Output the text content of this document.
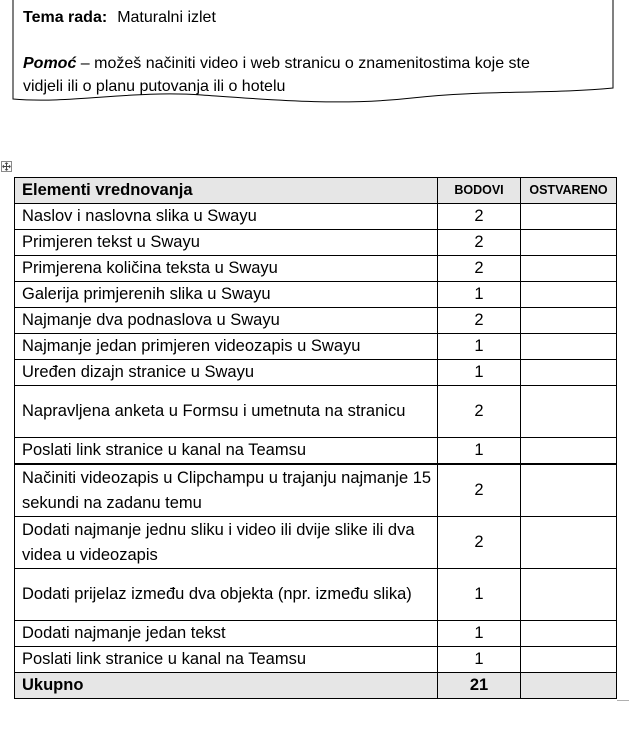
Tema rada: Maturalni izlet
Pomoć – možeš načiniti video i web stranicu o znamenitostima koje ste
vidjeli ili o planu putovanja ili o hotelu
Elementi vrednovanja	BODOVI	OSTVARENO
Naslov i naslovna slika u Swayu	2	
Primjeren tekst u Swayu	2	
Primjerena količina teksta u Swayu	2	
Galerija primjerenih slika u Swayu	1	
Najmanje dva podnaslova u Swayu	2	
Najmanje jedan primjeren videozapis u Swayu	1	
Uređen dizajn stranice u Swayu	1	
Napravljena anketa u Formsu i umetnuta na stranicu	2	
Poslati link stranice u kanal na Teamsu	1	
Načiniti videozapis u Clipchampu u trajanju najmanje 15 sekundi na zadanu temu	2	
Dodati najmanje jednu sliku i video ili dvije slike ili dva videa u videozapis	2	
Dodati prijelaz između dva objekta (npr. između slika)	1	
Dodati najmanje jedan tekst	1	
Poslati link stranice u kanal na Teamsu	1	
Ukupno	21	
